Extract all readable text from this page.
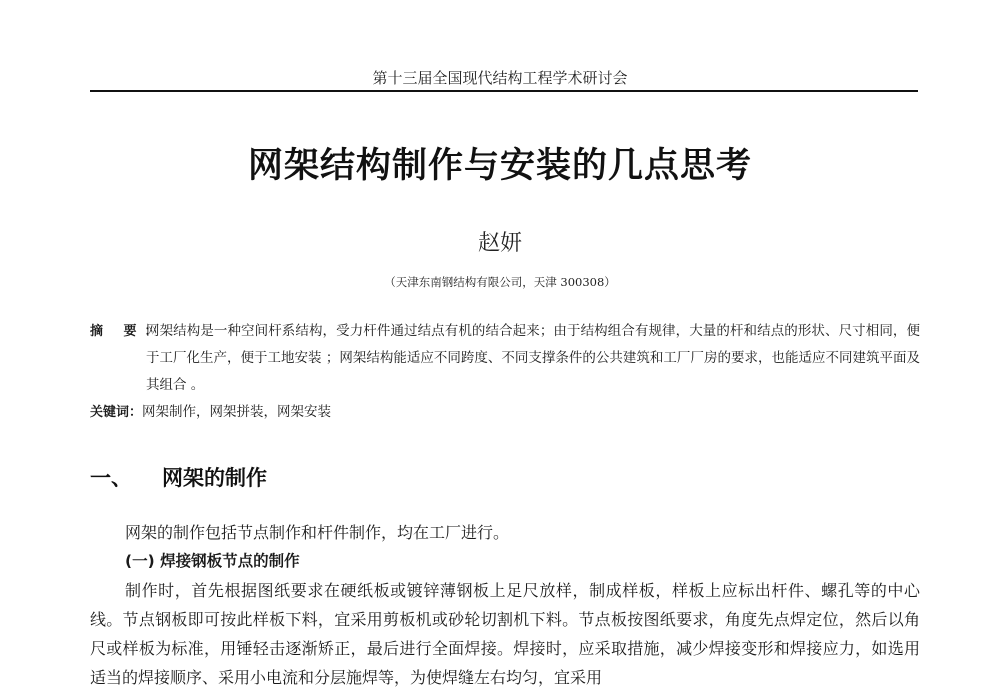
第十三届全国现代结构工程学术研讨会
网架结构制作与安装的几点思考
赵妍
（天津东南钢结构有限公司，天津 300308）
摘 要：
网架结构是一种空间杆系结构，受力杆件通过结点有机的结合起来；由于结构组合有规律，大量的杆和结点的形状、尺寸相同，便于工厂化生产，便于工地安装 ；网架结构能适应不同跨度、不同支撑条件的公共建筑和工厂厂房的要求，也能适应不同建筑平面及其组合 。
关键词： 网架制作，网架拼装，网架安装
一、	网架的制作

网架的制作包括节点制作和杆件制作，均在工厂进行。

(一) 焊接钢板节点的制作

制作时，首先根据图纸要求在硬纸板或镀锌薄钢板上足尺放样，制成样板，样板上应标出杆件、螺孔等的中心线。节点钢板即可按此样板下料，宜采用剪板机或砂轮切割机下料。节点板按图纸要求，角度先点焊定位，然后以角尺或样板为标准，用锤轻击逐渐矫正，最后进行全面焊接。焊接时，应采取措施，减少焊接变形和焊接应力，如选用适当的焊接顺序、采用小电流和分层施焊等，为使焊缝左右均匀，宜采用
